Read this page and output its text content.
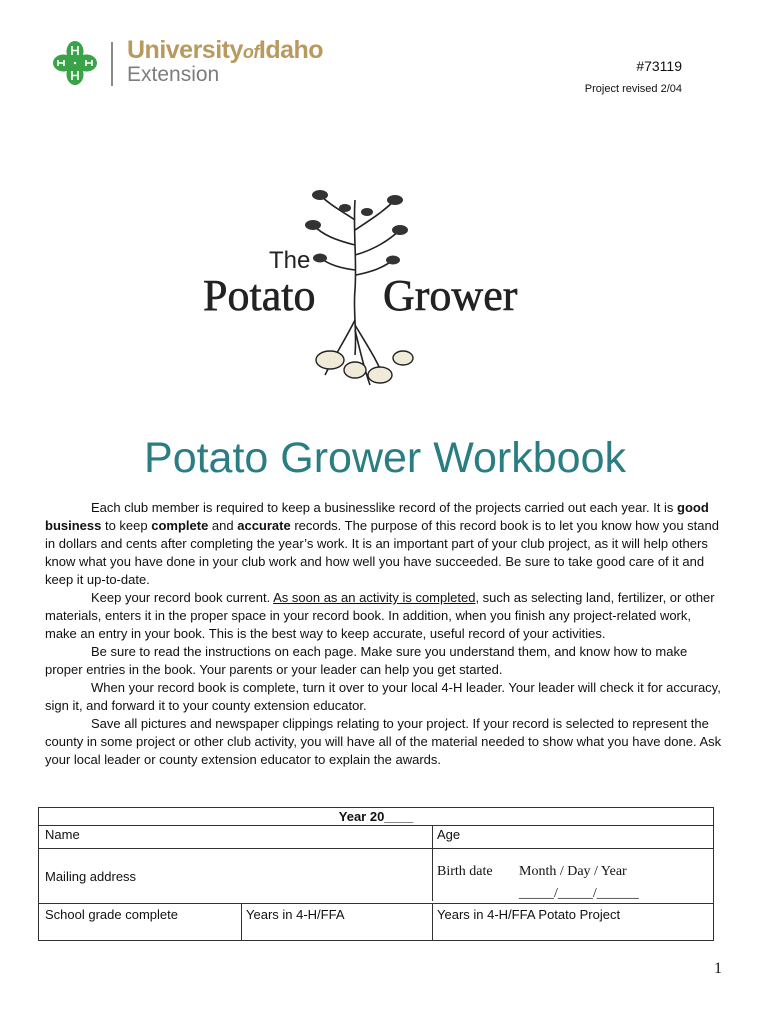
UniversityofIdaho
Extension	#73119
Project revised 2/04
The
Potato Grower
Potato Grower Workbook

Each club member is required to keep a businesslike record of the projects carried out each year. It is good business to keep complete and accurate records. The purpose of this record book is to let you know how you stand in dollars and cents after completing the year’s work. It is an important part of your club project, as it will help others know what you have done in your club work and how well you have succeeded. Be sure to take good care of it and keep it up-to-date.

Keep your record book current. As soon as an activity is completed, such as selecting land, fertilizer, or other materials, enters it in the proper space in your record book. In addition, when you finish any project-related work, make an entry in your book. This is the best way to keep accurate, useful record of your activities.

Be sure to read the instructions on each page. Make sure you understand them, and know how to make proper entries in the book. Your parents or your leader can help you get started.

When your record book is complete, turn it over to your local 4-H leader. Your leader will check it for accuracy, sign it, and forward it to your county extension educator.

Save all pictures and newspaper clippings relating to your project. If your record is selected to represent the county in some project or other club activity, you will have all of the material needed to show what you have done. Ask your local leader or county extension educator to explain the awards.

Year 20____
Name	Age
Mailing address	Birth date Month / Day / Year
_____/_____/______
School grade complete	Years in 4-H/FFA	Years in 4-H/FFA Potato Project
1
